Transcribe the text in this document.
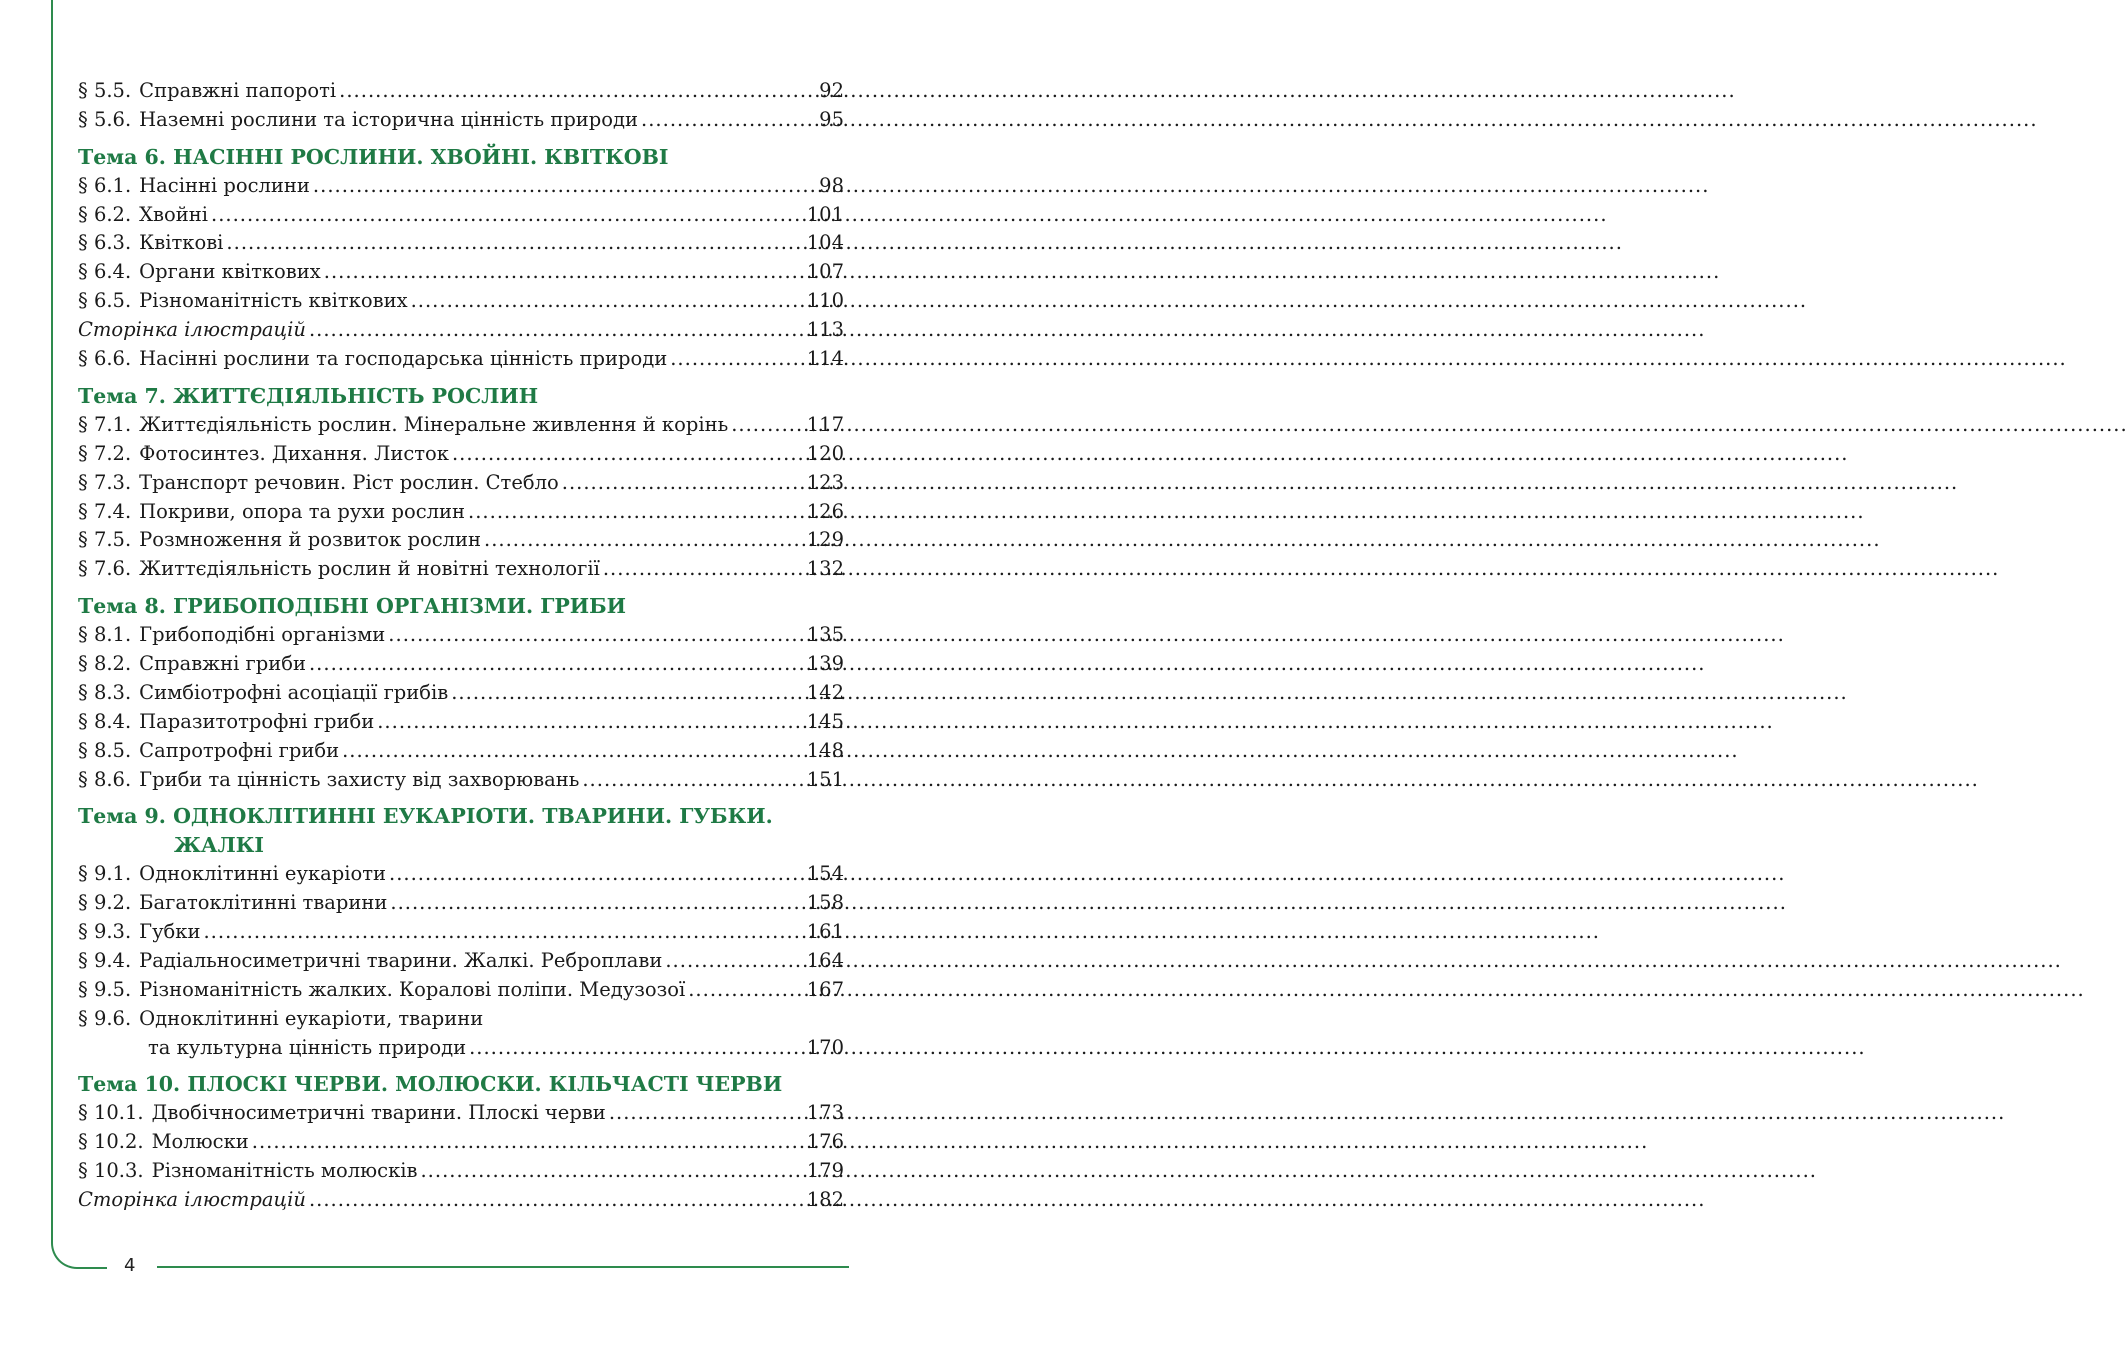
§ 5.5. Справжні папороті .....	92
§ 5.6. Наземні рослини та історична цінність природи .....	95
Тема 6. НАСІННІ РОСЛИНИ. ХВОЙНІ. КВІТКОВІ
§ 6.1. Насінні рослини .....	98
§ 6.2. Хвойні .....	101
§ 6.3. Квіткові .....	104
§ 6.4. Органи квіткових .....	107
§ 6.5. Різноманітність квіткових .....	110
Сторінка ілюстрацій .....	113
§ 6.6. Насінні рослини та господарська цінність природи .....	114
Тема 7. ЖИТТЄДІЯЛЬНІСТЬ РОСЛИН
§ 7.1. Життєдіяльність рослин. Мінеральне живлення й корінь .....	117
§ 7.2. Фотосинтез. Дихання. Листок .....	120
§ 7.3. Транспорт речовин. Ріст рослин. Стебло .....	123
§ 7.4. Покриви, опора та рухи рослин .....	126
§ 7.5. Розмноження й розвиток рослин .....	129
§ 7.6. Життєдіяльність рослин й новітні технології .....	132
Тема 8. ГРИБОПОДІБНІ ОРГАНІЗМИ. ГРИБИ
§ 8.1. Грибоподібні організми .....	135
§ 8.2. Справжні гриби .....	139
§ 8.3. Симбіотрофні асоціації грибів .....	142
§ 8.4. Паразитотрофні гриби .....	145
§ 8.5. Сапротрофні гриби .....	148
§ 8.6. Гриби та цінність захисту від захворювань .....	151
Тема 9. ОДНОКЛІТИННІ ЕУКАРІОТИ. ТВАРИНИ. ГУБКИ.
ЖАЛКІ
§ 9.1. Одноклітинні еукаріоти .....	154
§ 9.2. Багатоклітинні тварини .....	158
§ 9.3. Губки .....	161
§ 9.4. Радіальносиметричні тварини. Жалкі. Реброплави .....	164
§ 9.5. Різноманітність жалких. Коралові поліпи. Медузозої .....	167
§ 9.6. Одноклітинні еукаріоти, тварини
та культурна цінність природи .....	170
Тема 10. ПЛОСКІ ЧЕРВИ. МОЛЮСКИ. КІЛЬЧАСТІ ЧЕРВИ
§ 10.1. Двобічносиметричні тварини. Плоскі черви .....	173
§ 10.2. Молюски .....	176
§ 10.3. Різноманітність молюсків .....	179
Сторінка ілюстрацій .....	182
4
